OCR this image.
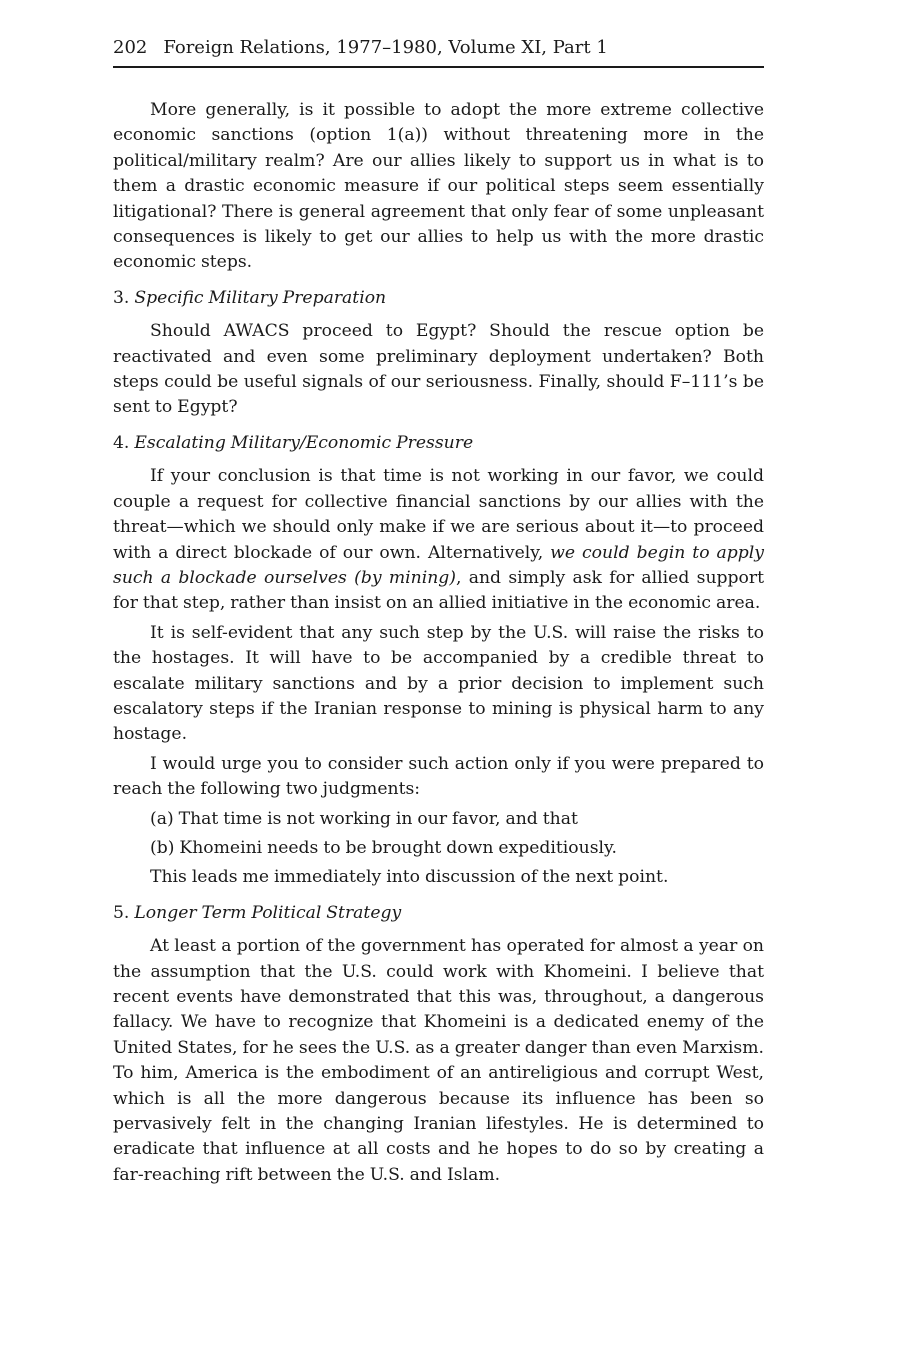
202 Foreign Relations, 1977–1980, Volume XI, Part 1

More generally, is it possible to adopt the more extreme collective economic sanctions (option 1(a)) without threatening more in the political/military realm? Are our allies likely to support us in what is to them a drastic economic measure if our political steps seem essentially litigational? There is general agreement that only fear of some unpleasant consequences is likely to get our allies to help us with the more drastic economic steps.

3. Specific Military Preparation

Should AWACS proceed to Egypt? Should the rescue option be reactivated and even some preliminary deployment undertaken? Both steps could be useful signals of our seriousness. Finally, should F–111’s be sent to Egypt?

4. Escalating Military/Economic Pressure

If your conclusion is that time is not working in our favor, we could couple a request for collective financial sanctions by our allies with the threat—which we should only make if we are serious about it—to proceed with a direct blockade of our own. Alternatively, we could begin to apply such a blockade ourselves (by mining), and simply ask for allied support for that step, rather than insist on an allied initiative in the economic area.

It is self-evident that any such step by the U.S. will raise the risks to the hostages. It will have to be accompanied by a credible threat to escalate military sanctions and by a prior decision to implement such escalatory steps if the Iranian response to mining is physical harm to any hostage.

I would urge you to consider such action only if you were prepared to reach the following two judgments:

(a) That time is not working in our favor, and that

(b) Khomeini needs to be brought down expeditiously.

This leads me immediately into discussion of the next point.

5. Longer Term Political Strategy

At least a portion of the government has operated for almost a year on the assumption that the U.S. could work with Khomeini. I believe that recent events have demonstrated that this was, throughout, a dangerous fallacy. We have to recognize that Khomeini is a dedicated enemy of the United States, for he sees the U.S. as a greater danger than even Marxism. To him, America is the embodiment of an antireligious and corrupt West, which is all the more dangerous because its influence has been so pervasively felt in the changing Iranian lifestyles. He is determined to eradicate that influence at all costs and he hopes to do so by creating a far-reaching rift between the U.S. and Islam.
